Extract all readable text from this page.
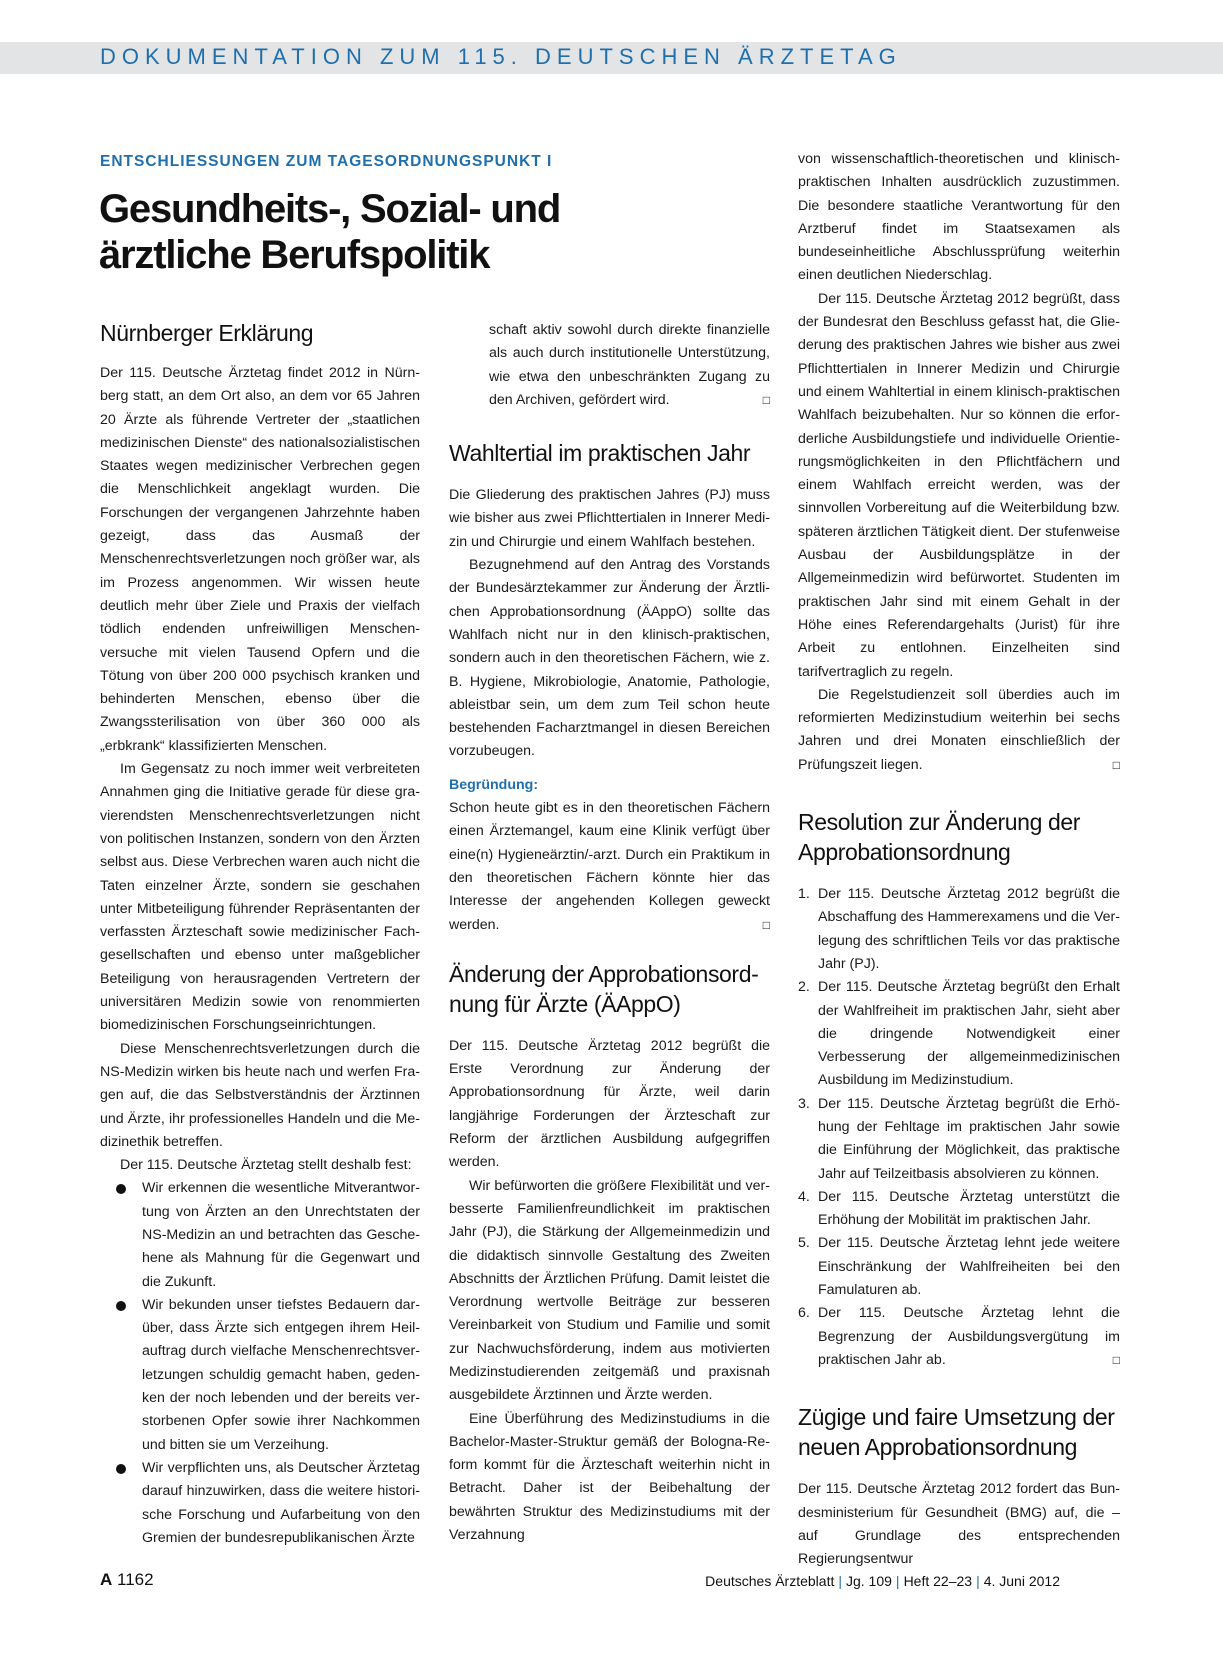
DOKUMENTATION ZUM 115. DEUTSCHEN ÄRZTETAG
ENTSCHLIESSUNGEN ZUM TAGESORDNUNGSPUNKT I
Gesundheits-, Sozial- und ärztliche Berufspolitik
Nürnberger Erklärung

Der 115. Deutsche Ärztetag findet 2012 in Nürnberg statt, an dem Ort also, an dem vor 65 Jahren 20 Ärzte als führende Vertreter der „staatlichen medizinischen Dienste“ des nationalsozialistischen Staates wegen medizinischer Verbrechen gegen die Menschlichkeit angeklagt wurden. Die Forschungen der vergangenen Jahrzehnte haben gezeigt, dass das Ausmaß der Menschenrechtsverletzungen noch größer war, als im Prozess angenommen. Wir wissen heute deutlich mehr über Ziele und Praxis der vielfach tödlich endenden unfreiwilligen Menschenversuche mit vielen Tausend Opfern und die Tötung von über 200 000 psychisch kranken und behinderten Menschen, ebenso über die Zwangssterilisation von über 360 000 als „erbkrank“ klassifizierten Menschen.

Im Gegensatz zu noch immer weit verbreiteten Annahmen ging die Initiative gerade für diese gravierendsten Menschenrechtsverletzungen nicht von politischen Instanzen, sondern von den Ärzten selbst aus. Diese Verbrechen waren auch nicht die Taten einzelner Ärzte, sondern sie geschahen unter Mitbeteiligung führender Repräsentanten der verfassten Ärzteschaft sowie medizinischer Fachgesellschaften und ebenso unter maßgeblicher Beteiligung von herausragenden Vertretern der universitären Medizin sowie von renommierten biomedizinischen Forschungseinrichtungen.

Diese Menschenrechtsverletzungen durch die NS-Medizin wirken bis heute nach und werfen Fragen auf, die das Selbstverständnis der Ärztinnen und Ärzte, ihr professionelles Handeln und die Medizinethik betreffen.

Der 115. Deutsche Ärztetag stellt deshalb fest:

Wir erkennen die wesentliche Mitverantwortung von Ärzten an den Unrechtstaten der NS-Medizin an und betrachten das Geschehene als Mahnung für die Gegenwart und die Zukunft.
Wir bekunden unser tiefstes Bedauern darüber, dass Ärzte sich entgegen ihrem Heilauftrag durch vielfache Menschenrechtsverletzungen schuldig gemacht haben, gedenken der noch lebenden und der bereits verstorbenen Opfer sowie ihrer Nachkommen und bitten sie um Verzeihung.
Wir verpflichten uns, als Deutscher Ärztetag darauf hinzuwirken, dass die weitere historische Forschung und Aufarbeitung von den Gremien der bundesrepublikanischen Ärzte

schaft aktiv sowohl durch direkte finanzielle als auch durch institutionelle Unterstützung, wie etwa den unbeschränkten Zugang zu den Archiven, gefördert wird.	□

Wahltertial im praktischen Jahr

Die Gliederung des praktischen Jahres (PJ) muss wie bisher aus zwei Pflichttertialen in Innerer Medizin und Chirurgie und einem Wahlfach bestehen.

Bezugnehmend auf den Antrag des Vorstands der Bundesärztekammer zur Änderung der Ärztlichen Approbationsordnung (ÄAppO) sollte das Wahlfach nicht nur in den klinisch-praktischen, sondern auch in den theoretischen Fächern, wie z. B. Hygiene, Mikrobiologie, Anatomie, Pathologie, ableistbar sein, um dem zum Teil schon heute bestehenden Facharztmangel in diesen Bereichen vorzubeugen.

Begründung:

Schon heute gibt es in den theoretischen Fächern einen Ärztemangel, kaum eine Klinik verfügt über eine(n) Hygieneärztin/-arzt. Durch ein Praktikum in den theoretischen Fächern könnte hier das Interesse der angehenden Kollegen geweckt werden.	□

Änderung der Approbationsordnung für Ärzte (ÄAppO)

Der 115. Deutsche Ärztetag 2012 begrüßt die Erste Verordnung zur Änderung der Approbationsordnung für Ärzte, weil darin langjährige Forderungen der Ärzteschaft zur Reform der ärztlichen Ausbildung aufgegriffen werden.

Wir befürworten die größere Flexibilität und verbesserte Familienfreundlichkeit im praktischen Jahr (PJ), die Stärkung der Allgemeinmedizin und die didaktisch sinnvolle Gestaltung des Zweiten Abschnitts der Ärztlichen Prüfung. Damit leistet die Verordnung wertvolle Beiträge zur besseren Vereinbarkeit von Studium und Familie und somit zur Nachwuchsförderung, indem aus motivierten Medizinstudierenden zeitgemäß und praxisnah ausgebildete Ärztinnen und Ärzte werden.

Eine Überführung des Medizinstudiums in die Bachelor-Master-Struktur gemäß der Bologna-Reform kommt für die Ärzteschaft weiterhin nicht in Betracht. Daher ist der Beibehaltung der bewährten Struktur des Medizinstudiums mit der Verzahnung

von wissenschaftlich-theoretischen und klinisch-praktischen Inhalten ausdrücklich zuzustimmen. Die besondere staatliche Verantwortung für den Arztberuf findet im Staatsexamen als bundeseinheitliche Abschlussprüfung weiterhin einen deutlichen Niederschlag.

Der 115. Deutsche Ärztetag 2012 begrüßt, dass der Bundesrat den Beschluss gefasst hat, die Gliederung des praktischen Jahres wie bisher aus zwei Pflichttertialen in Innerer Medizin und Chirurgie und einem Wahltertial in einem klinisch-praktischen Wahlfach beizubehalten. Nur so können die erforderliche Ausbildungstiefe und individuelle Orientierungsmöglichkeiten in den Pflichtfächern und einem Wahlfach erreicht werden, was der sinnvollen Vorbereitung auf die Weiterbildung bzw. späteren ärztlichen Tätigkeit dient. Der stufenweise Ausbau der Ausbildungsplätze in der Allgemeinmedizin wird befürwortet. Studenten im praktischen Jahr sind mit einem Gehalt in der Höhe eines Referendargehalts (Jurist) für ihre Arbeit zu entlohnen. Einzelheiten sind tarifvertraglich zu regeln.

Die Regelstudienzeit soll überdies auch im reformierten Medizinstudium weiterhin bei sechs Jahren und drei Monaten einschließlich der Prüfungszeit liegen.	□

Resolution zur Änderung der Approbationsordnung
1. Der 115. Deutsche Ärztetag 2012 begrüßt die Abschaffung des Hammerexamens und die Verlegung des schriftlichen Teils vor das praktische Jahr (PJ).
2. Der 115. Deutsche Ärztetag begrüßt den Erhalt der Wahlfreiheit im praktischen Jahr, sieht aber die dringende Notwendigkeit einer Verbesserung der allgemeinmedizinischen Ausbildung im Medizinstudium.
3. Der 115. Deutsche Ärztetag begrüßt die Erhöhung der Fehltage im praktischen Jahr sowie die Einführung der Möglichkeit, das praktische Jahr auf Teilzeitbasis absolvieren zu können.
4. Der 115. Deutsche Ärztetag unterstützt die Erhöhung der Mobilität im praktischen Jahr.
5. Der 115. Deutsche Ärztetag lehnt jede weitere Einschränkung der Wahlfreiheiten bei den Famulaturen ab.
6. Der 115. Deutsche Ärztetag lehnt die Begrenzung der Ausbildungsvergütung im praktischen Jahr ab.	□
Zügige und faire Umsetzung der neuen Approbationsordnung

Der 115. Deutsche Ärztetag 2012 fordert das Bundesministerium für Gesundheit (BMG) auf, die – auf Grundlage des entsprechenden Regierungsentwur

A 1162	Deutsches Ärzteblatt | Jg. 109 | Heft 22–23 | 4. Juni 2012
